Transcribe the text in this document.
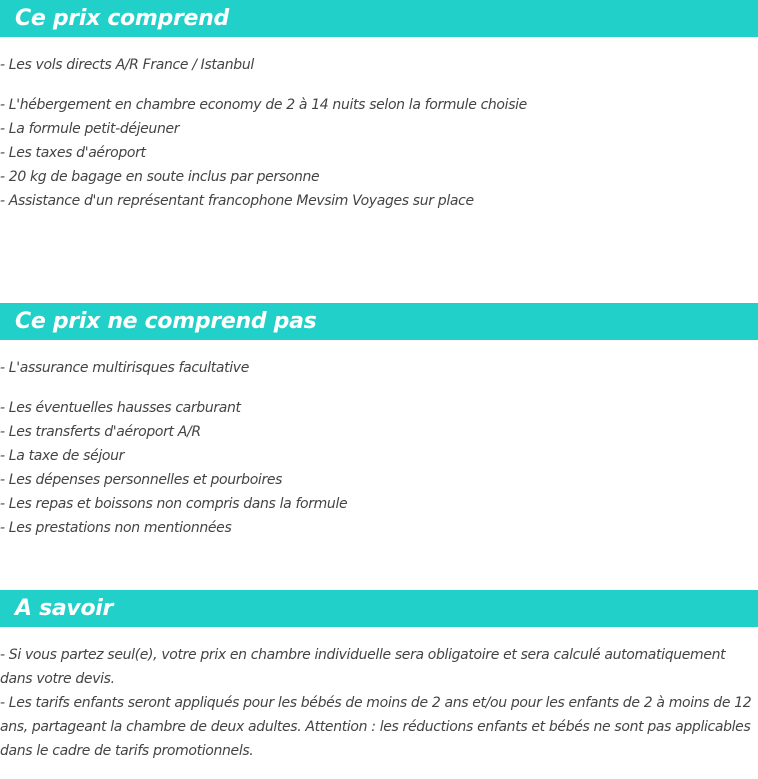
Ce prix comprend
- Les vols directs A/R France / Istanbul
- L'hébergement en chambre economy de 2 à 14 nuits selon la formule choisie
- La formule petit-déjeuner
- Les taxes d'aéroport
- 20 kg de bagage en soute inclus par personne
- Assistance d'un représentant francophone Mevsim Voyages sur place
Ce prix ne comprend pas
- L'assurance multirisques facultative
- Les éventuelles hausses carburant
- Les transferts d'aéroport A/R
- La taxe de séjour
- Les dépenses personnelles et pourboires
- Les repas et boissons non compris dans la formule
- Les prestations non mentionnées
A savoir

- Si vous partez seul(e), votre prix en chambre individuelle sera obligatoire et sera calculé automatiquement dans votre devis.

- Les tarifs enfants seront appliqués pour les bébés de moins de 2 ans et/ou pour les enfants de 2 à moins de 12 ans, partageant la chambre de deux adultes. Attention : les réductions enfants et bébés ne sont pas applicables dans le cadre de tarifs promotionnels.
